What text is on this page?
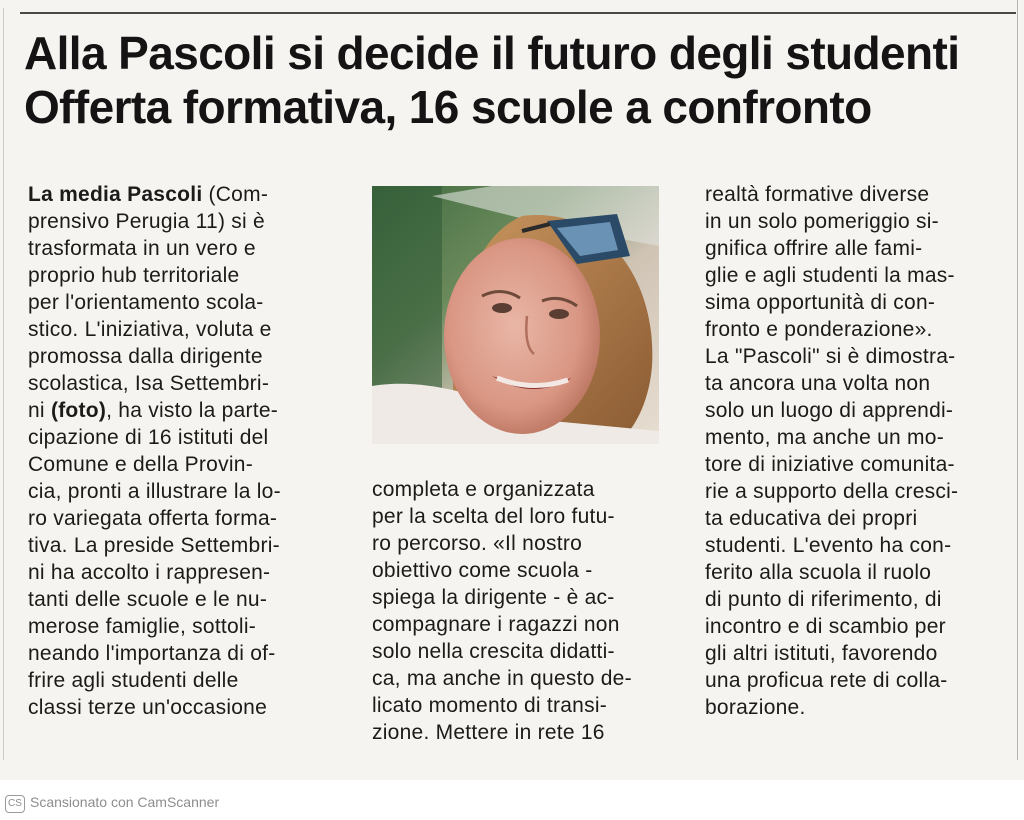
Alla Pascoli si decide il futuro degli studenti
Offerta formativa, 16 scuole a confronto
La media Pascoli (Com-
prensivo Perugia 11) si è
trasformata in un vero e
proprio hub territoriale
per l'orientamento scola-
stico. L'iniziativa, voluta e
promossa dalla dirigente
scolastica, Isa Settembri-
ni (foto), ha visto la parte-
cipazione di 16 istituti del
Comune e della Provin-
cia, pronti a illustrare la lo-
ro variegata offerta forma-
tiva. La preside Settembri-
ni ha accolto i rappresen-
tanti delle scuole e le nu-
merose famiglie, sottoli-
neando l'importanza di of-
frire agli studenti delle
classi terze un'occasione
completa e organizzata
per la scelta del loro futu-
ro percorso. «Il nostro
obiettivo come scuola -
spiega la dirigente - è ac-
compagnare i ragazzi non
solo nella crescita didatti-
ca, ma anche in questo de-
licato momento di transi-
zione. Mettere in rete 16
realtà formative diverse
in un solo pomeriggio si-
gnifica offrire alle fami-
glie e agli studenti la mas-
sima opportunità di con-
fronto e ponderazione».
La "Pascoli" si è dimostra-
ta ancora una volta non
solo un luogo di apprendi-
mento, ma anche un mo-
tore di iniziative comunita-
rie a supporto della cresci-
ta educativa dei propri
studenti. L'evento ha con-
ferito alla scuola il ruolo
di punto di riferimento, di
incontro e di scambio per
gli altri istituti, favorendo
una proficua rete di colla-
borazione.
CS Scansionato con CamScanner
